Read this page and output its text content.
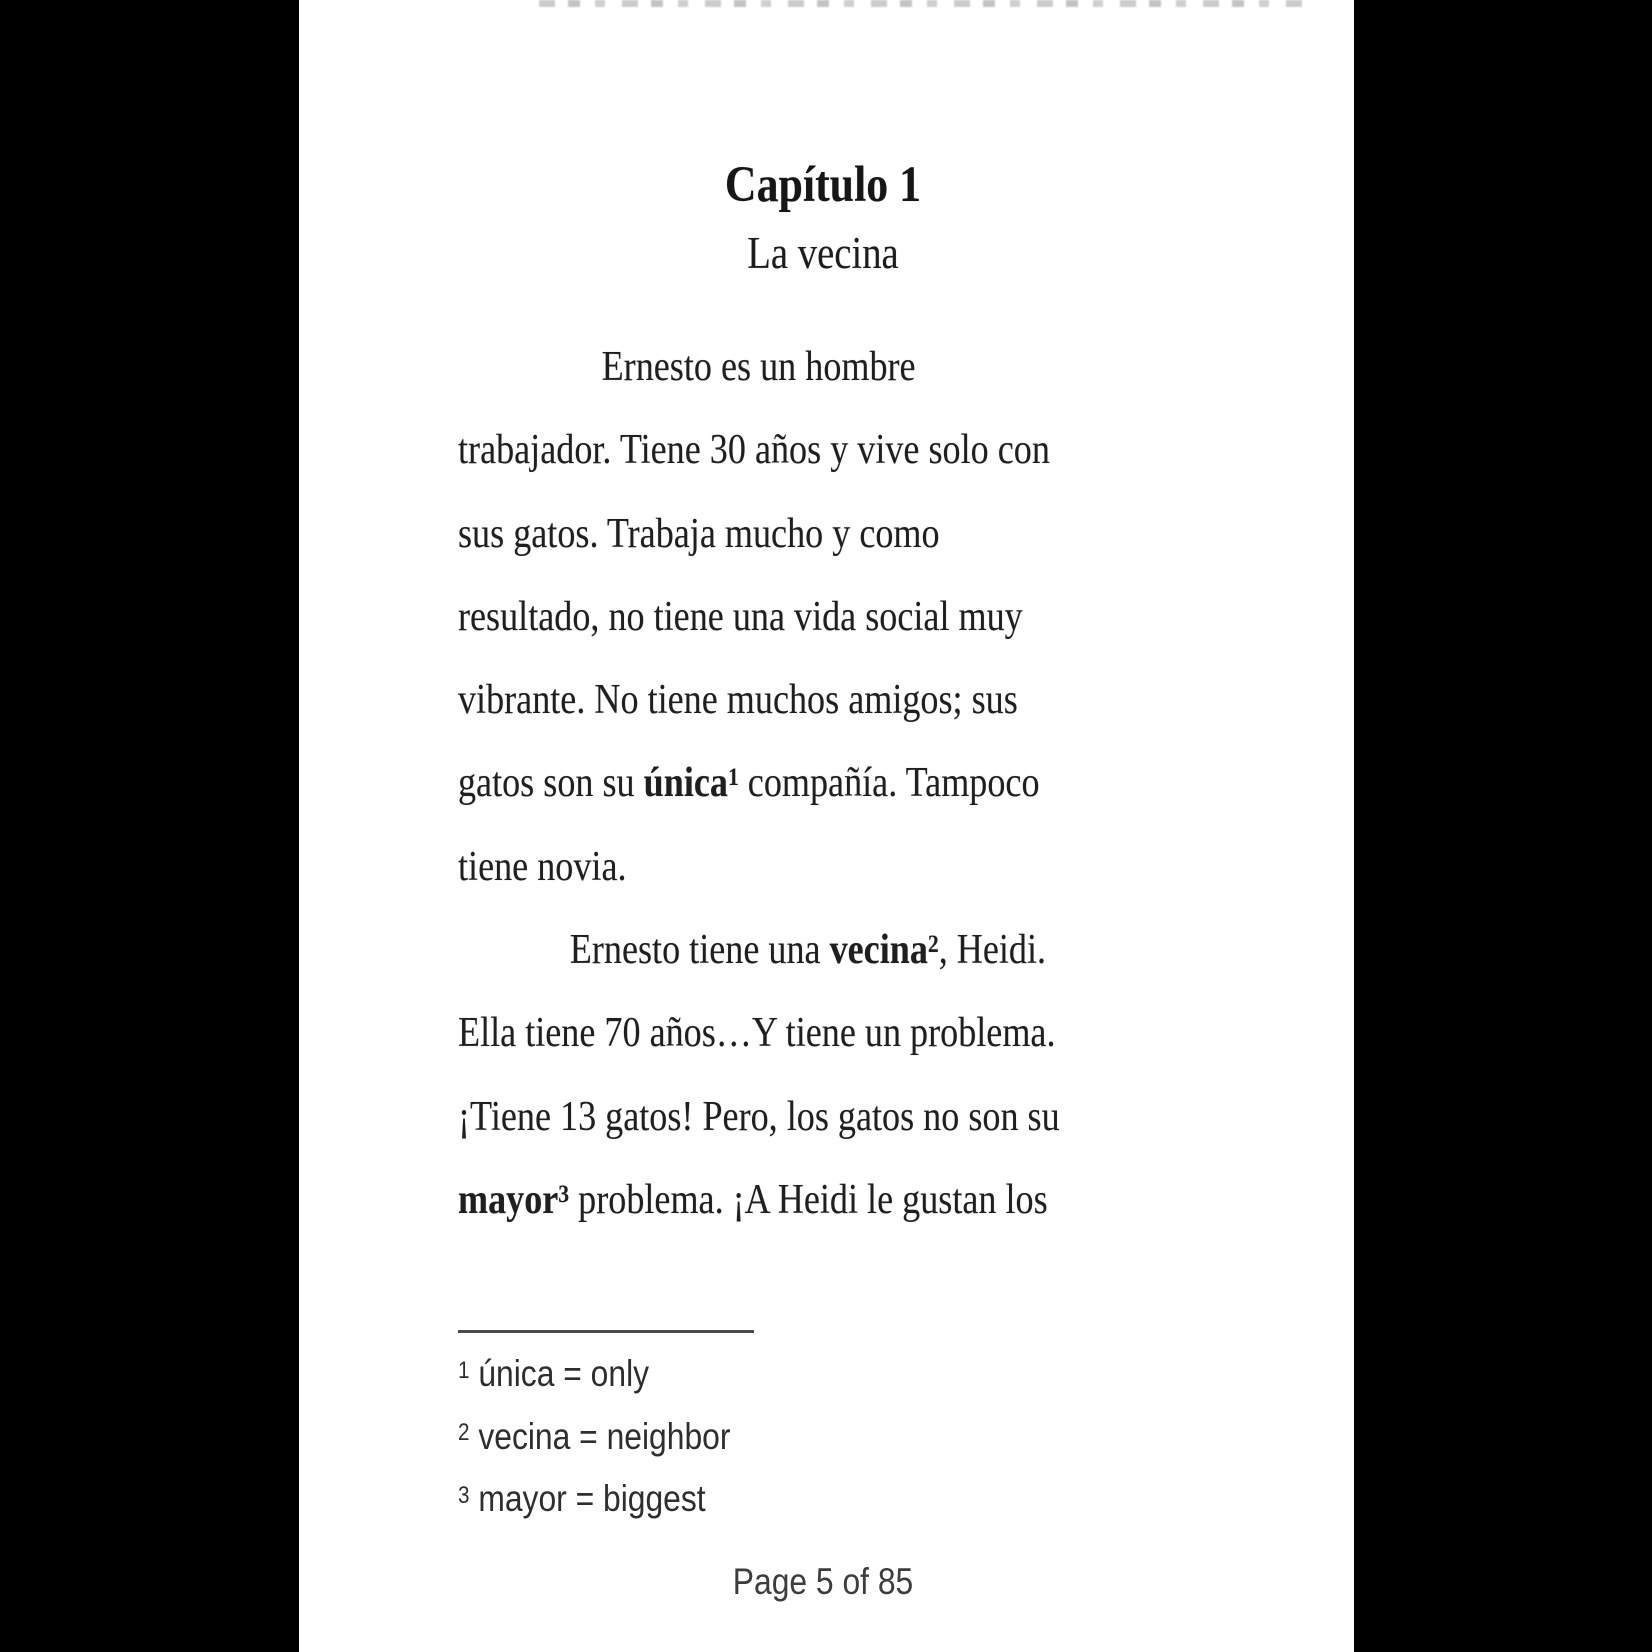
Capítulo 1
La vecina
Ernesto es un hombre
trabajador. Tiene 30 años y vive solo con
sus gatos. Trabaja mucho y como
resultado, no tiene una vida social muy
vibrante. No tiene muchos amigos; sus
gatos son su única$^1$ compañía. Tampoco
tiene novia.
Ernesto tiene una vecina$^2$, Heidi.
Ella tiene 70 años…Y tiene un problema.
¡Tiene 13 gatos! Pero, los gatos no son su
mayor$^3$ problema. ¡A Heidi le gustan los
$^1$ única = only
$^2$ vecina = neighbor
$^3$ mayor = biggest
Page 5 of 85
